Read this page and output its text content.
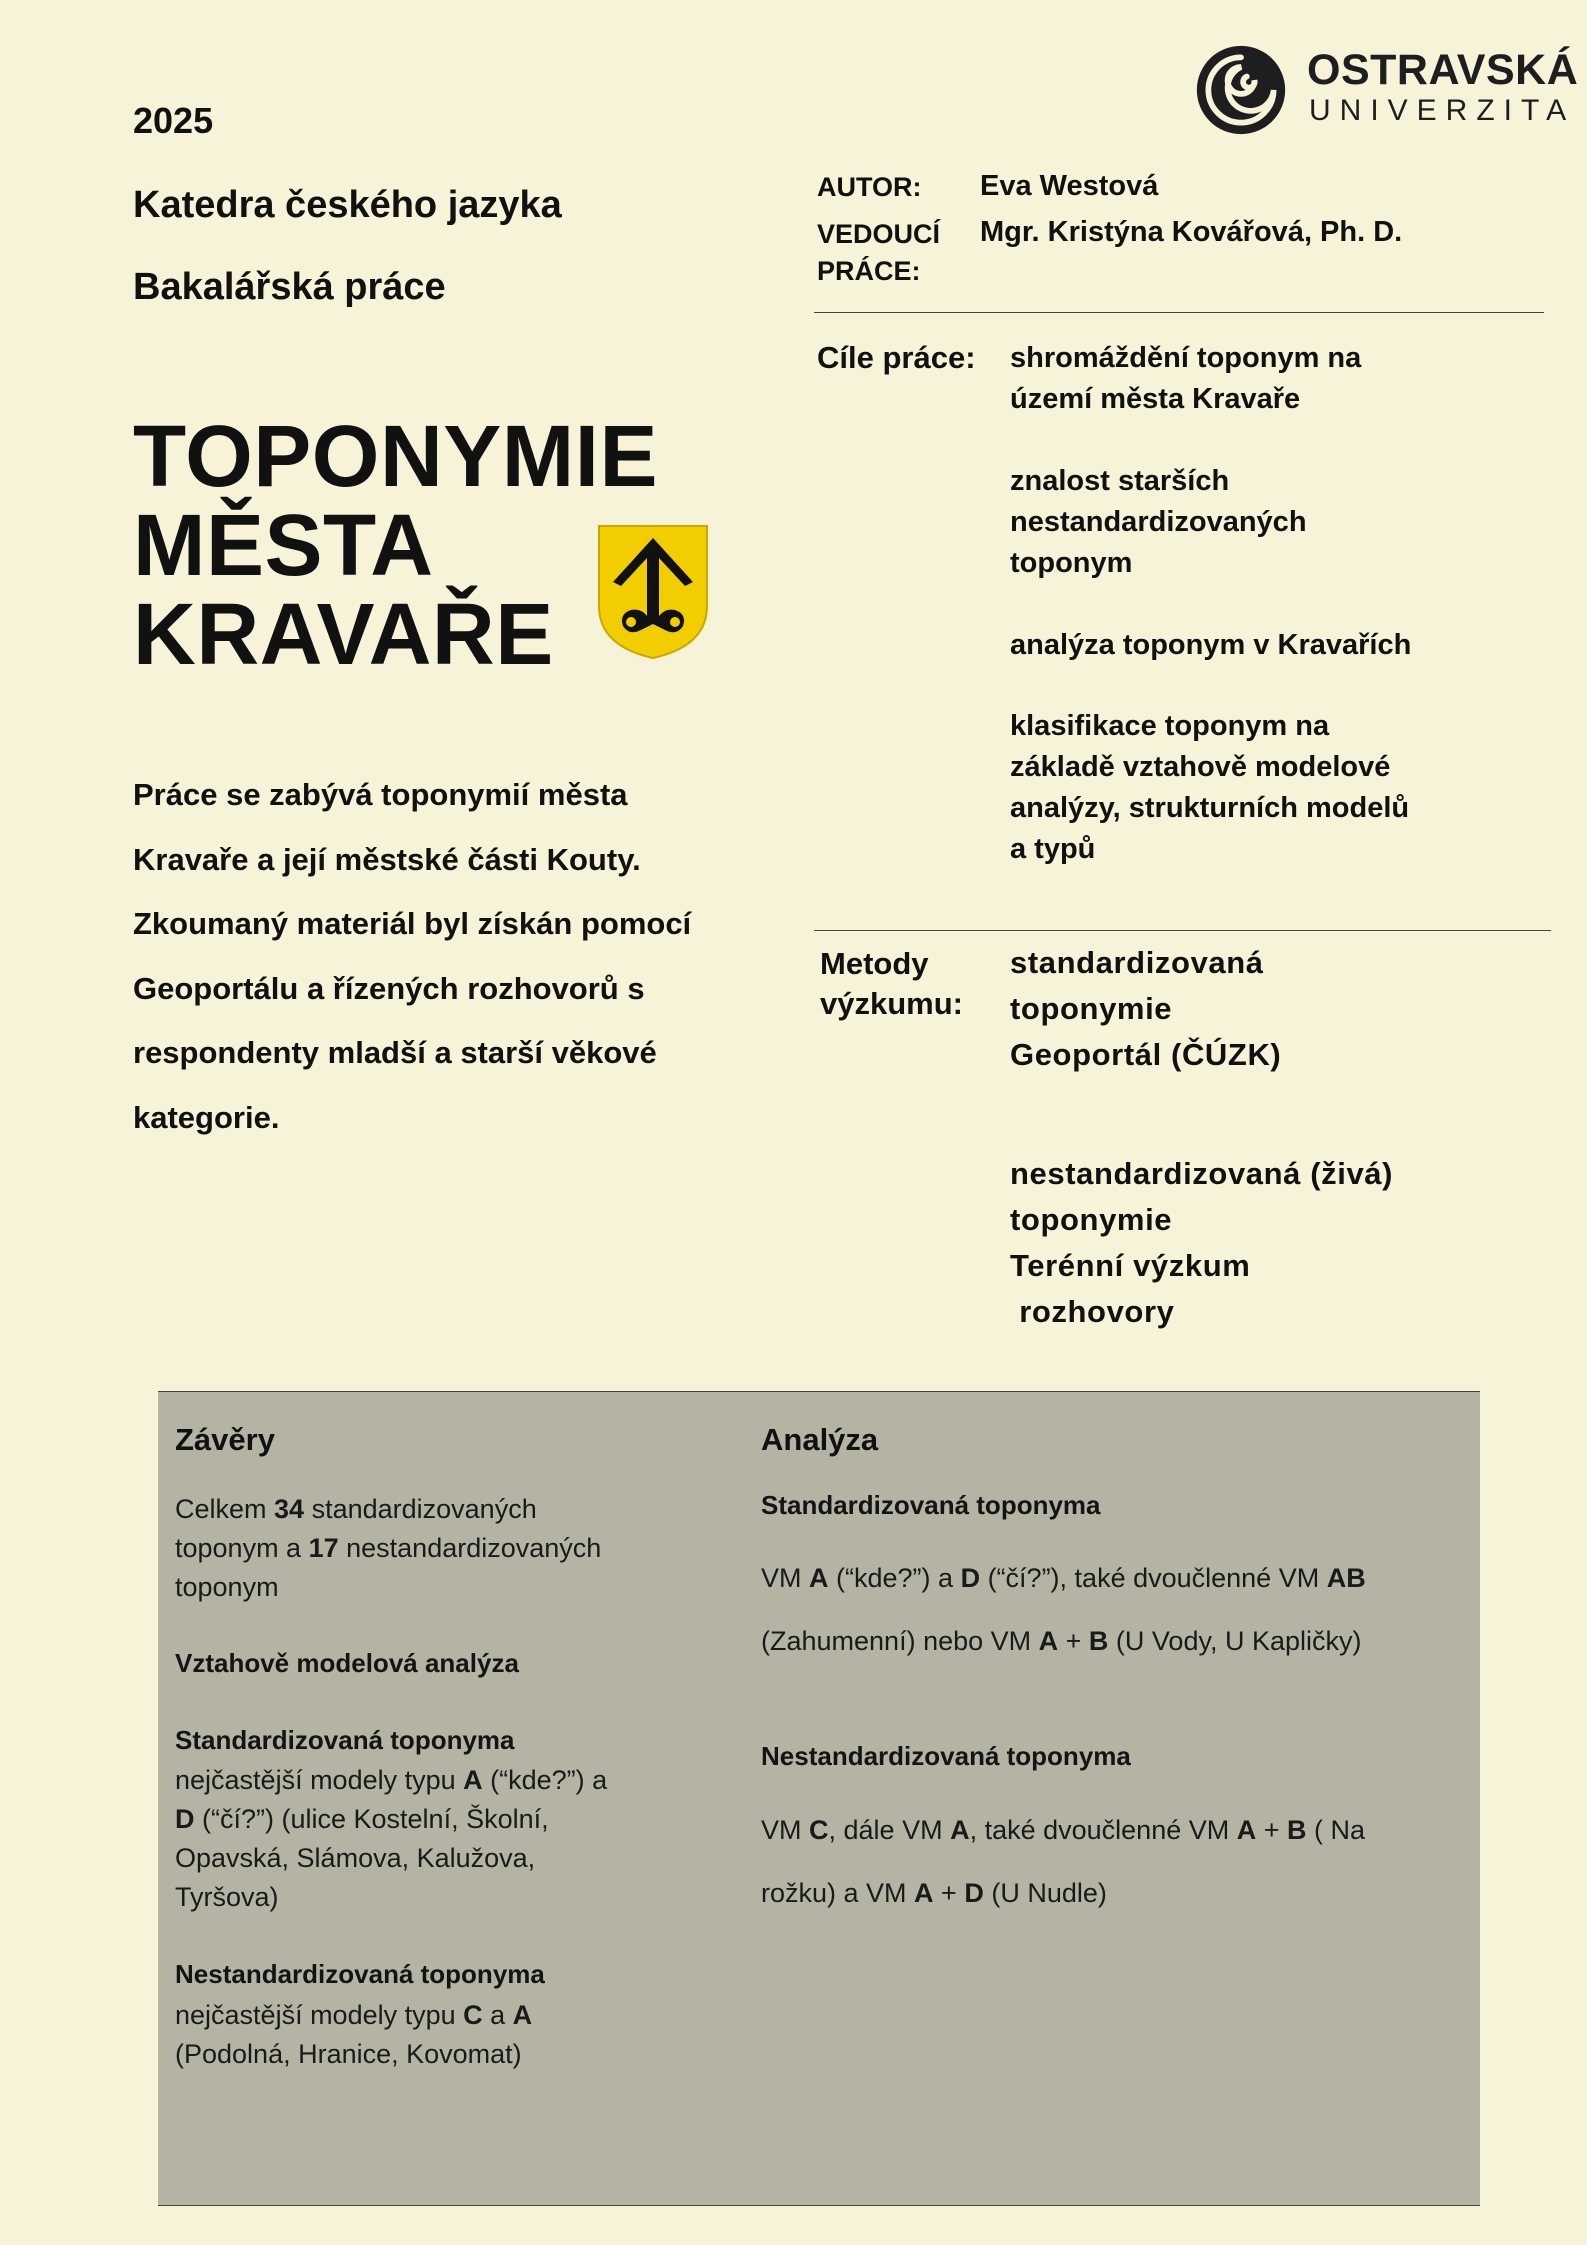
OSTRAVSKÁ
UNIVERZITA
2025
Katedra českého jazyka
Bakalářská práce
TOPONYMIE
MĚSTA
KRAVAŘE
Práce se zabývá toponymií města
Kravaře a její městské části Kouty.
Zkoumaný materiál byl získán pomocí
Geoportálu a řízených rozhovorů s
respondenty mladší a starší věkové
kategorie.
AUTOR: Eva Westová
VEDOUCÍ
PRÁCE:
Mgr. Kristýna Kovářová, Ph. D.
Cíle práce: shromáždění toponym na
území města Kravaře
znalost starších
nestandardizovaných
toponym
analýza toponym v Kravařích
klasifikace toponym na
základě vztahově modelové
analýzy, strukturních modelů
a typů
Metody
výzkumu:
standardizovaná
toponymie
Geoportál (ČÚZK)
nestandardizovaná (živá)
toponymie
Terénní výzkum
rozhovory
Závěry
Celkem 34 standardizovaných
toponym a 17 nestandardizovaných
toponym
Vztahově modelová analýza
Standardizovaná toponyma
nejčastější modely typu A (“kde?”) a
D (“čí?”) (ulice Kostelní, Školní,
Opavská, Slámova, Kalužova,
Tyršova)
Nestandardizovaná toponyma
nejčastější modely typu C a A
(Podolná, Hranice, Kovomat)
Analýza
Standardizovaná toponyma
VM A (“kde?”) a D (“čí?”), také dvoučlenné VM AB
(Zahumenní) nebo VM A + B (U Vody, U Kapličky)
Nestandardizovaná toponyma
VM C, dále VM A, také dvoučlenné VM A + B ( Na
rožku) a VM A + D (U Nudle)
